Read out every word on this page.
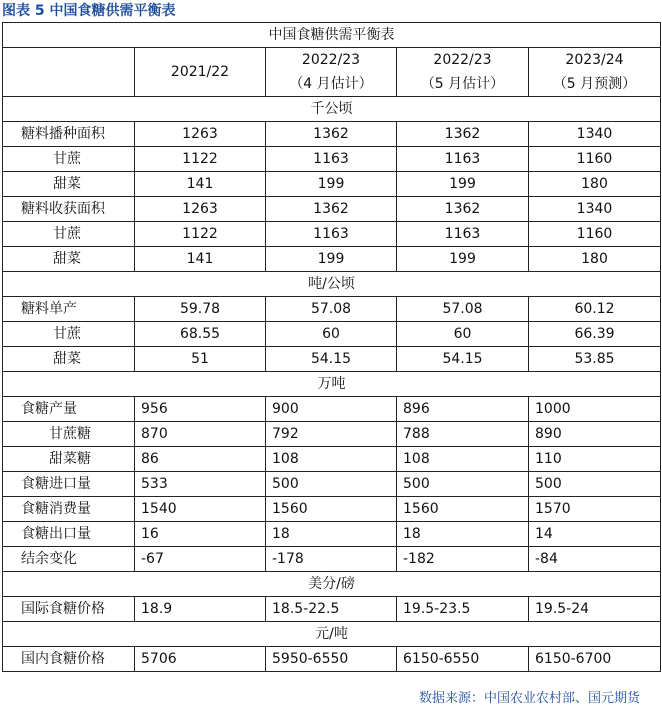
图表 5 中国食糖供需平衡表
中国食糖供需平衡表				
	2021/22	2022/23	2022/23	2023/24
		（4 月估计）	（5 月估计）	（5 月预测）
千公顷				
糖料播种面积	1263	1362	1362	1340
甘蔗	1122	1163	1163	1160
甜菜	141	199	199	180
糖料收获面积	1263	1362	1362	1340
甘蔗	1122	1163	1163	1160
甜菜	141	199	199	180
吨/公顷				
糖料单产	59.78	57.08	57.08	60.12
甘蔗	68.55	60	60	66.39
甜菜	51	54.15	54.15	53.85
万吨				
食糖产量	956	900	896	1000
甘蔗糖	870	792	788	890
甜菜糖	86	108	108	110
食糖进口量	533	500	500	500
食糖消费量	1540	1560	1560	1570
食糖出口量	16	18	18	14
结余变化	-67	-178	-182	-84
美分/磅				
国际食糖价格	18.9	18.5-22.5	19.5-23.5	19.5-24
元/吨				
国内食糖价格	5706	5950-6550	6150-6550	6150-6700
数据来源：中国农业农村部、国元期货
